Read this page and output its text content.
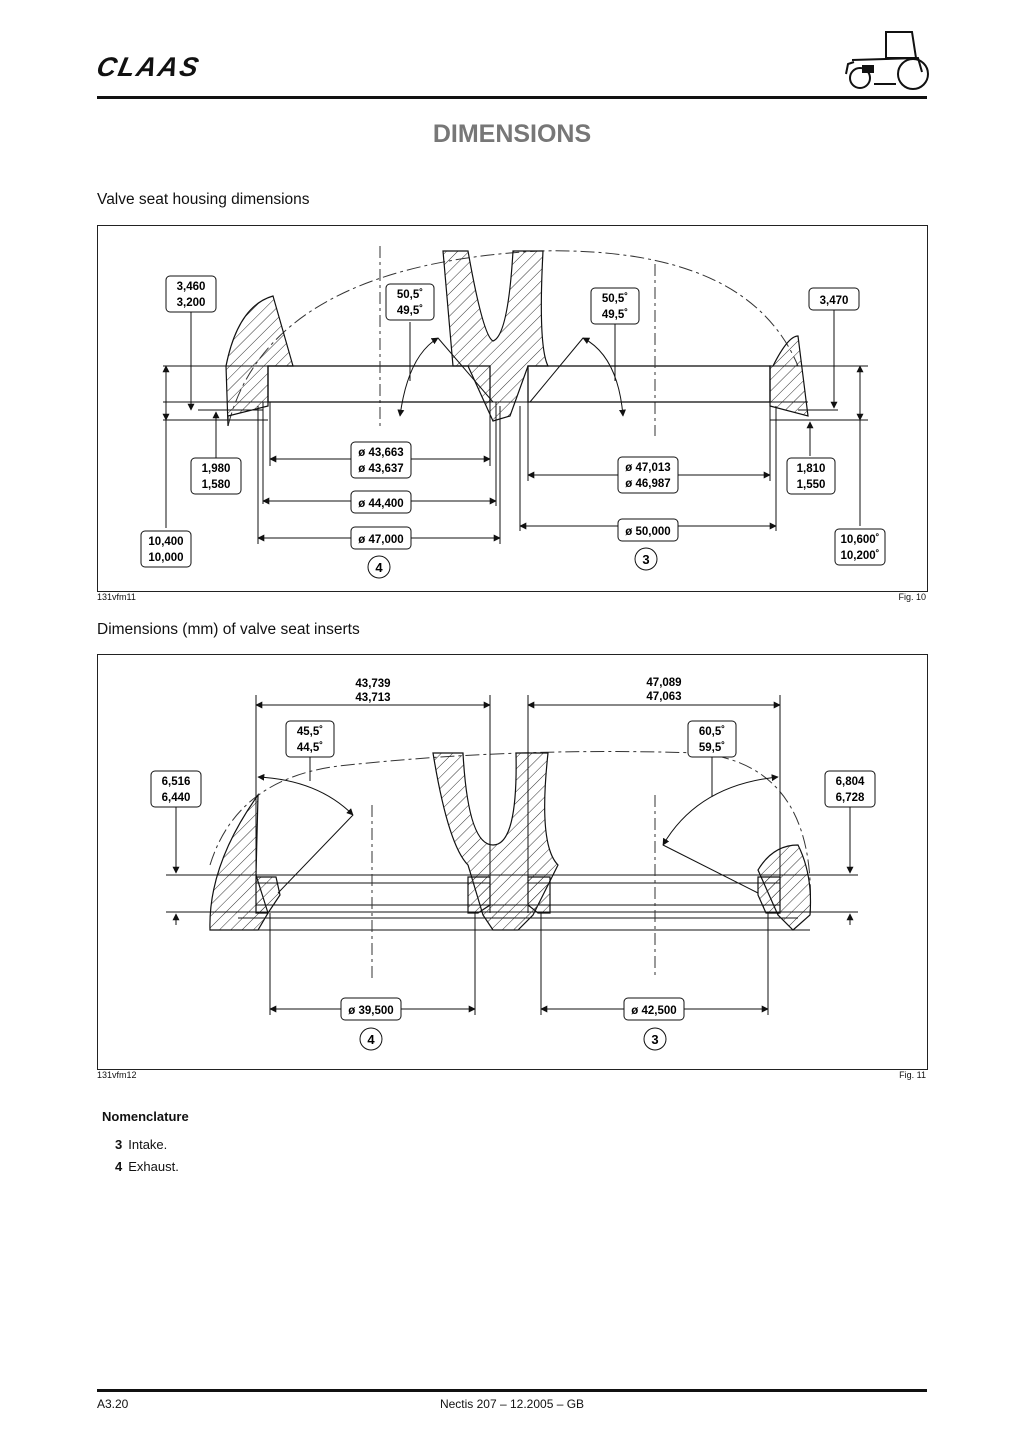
CLAAS
DIMENSIONS
Valve seat housing dimensions
3,460
3,200
50,5˚
49,5˚
50,5˚
49,5˚
3,470
ø 43,663
ø 43,637
1,980
1,580
ø 47,013
ø 46,987
1,810
1,550
ø 44,400
ø 50,000
10,400
10,000
ø 47,000	10,600˚
10,200˚
4
3
131vfm11	Fig. 10
Dimensions (mm) of valve seat inserts
43,739
43,713
47,089
47,063
45,5˚
44,5˚
60,5˚
59,5˚
6,516
6,440
6,804
6,728
ø 39,500	ø 42,500
4	3
131vfm12	Fig. 11
Nomenclature
3 Intake.
4 Exhaust.
A3.20	Nectis 207 – 12.2005 – GB
